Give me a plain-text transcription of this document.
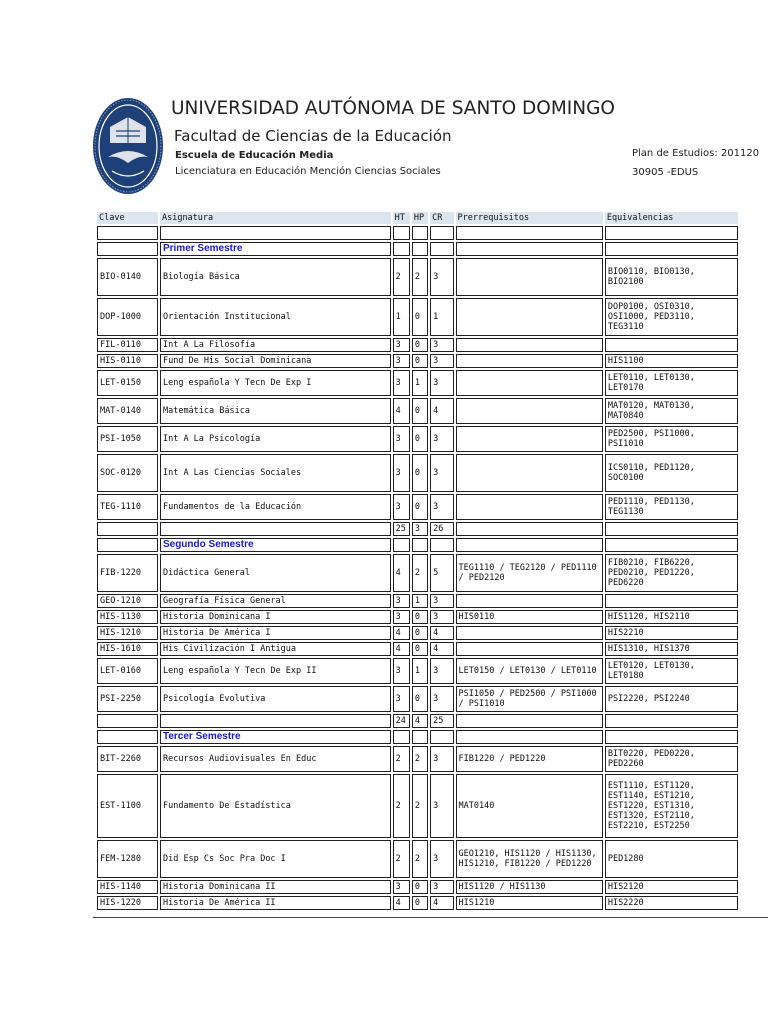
UNIVERSIDAD AUTÓNOMA DE SANTO DOMINGO
Facultad de Ciencias de la Educación
Escuela de Educación Media
Licenciatura en Educación Mención Ciencias Sociales
Plan de Estudios: 201120
30905 -EDUS
Clave	Asignatura	HT	HP	CR	Prerrequisitos	Equivalencias

	Primer Semestre					
BIO-0140	Biología Básica	2	2	3		BIO0110, BIO0130, BIO2100
DOP-1000	Orientación Institucional	1	0	1		DOP0100, OSI0310, OSI1000, PED3110, TEG3110
FIL-0110	Int A La Filosofía	3	0	3		
HIS-0110	Fund De His Social Dominicana	3	0	3		HIS1100
LET-0150	Leng española Y Tecn De Exp I	3	1	3		LET0110, LET0130, LET0170
MAT-0140	Matemática Básica	4	0	4		MAT0120, MAT0130, MAT0840
PSI-1050	Int A La Psicología	3	0	3		PED2500, PSI1000, PSI1010
SOC-0120	Int A Las Ciencias Sociales	3	0	3		ICS0110, PED1120, SOC0100
TEG-1110	Fundamentos de la Educación	3	0	3		PED1110, PED1130, TEG1130
		25	3	26		
	Segundo Semestre					
FIB-1220	Didáctica General	4	2	5	TEG1110 / TEG2120 / PED1110 / PED2120	FIB0210, FIB6220, PED0210, PED1220, PED6220
GEO-1210	Geografía Física General	3	1	3		
HIS-1130	Historia Dominicana I	3	0	3	HIS0110	HIS1120, HIS2110
HIS-1210	Historia De América I	4	0	4		HIS2210
HIS-1610	His Civilización I Antigua	4	0	4		HIS1310, HIS1370
LET-0160	Leng española Y Tecn De Exp II	3	1	3	LET0150 / LET0130 / LET0110	LET0120, LET0130, LET0180
PSI-2250	Psicología Evolutiva	3	0	3	PSI1050 / PED2500 / PSI1000 / PSI1010	PSI2220, PSI2240
		24	4	25		
	Tercer Semestre					
BIT-2260	Recursos Audiovisuales En Educ	2	2	3	FIB1220 / PED1220	BIT0220, PED0220, PED2260
EST-1100	Fundamento De Estadística	2	2	3	MAT0140	EST1110, EST1120, EST1140, EST1210, EST1220, EST1310, EST1320, EST2110, EST2210, EST2250
FEM-1280	Did Esp Cs Soc Pra Doc I	2	2	3	GEO1210, HIS1120 / HIS1130, HIS1210, FIB1220 / PED1220	PED1280
HIS-1140	Historia Dominicana II	3	0	3	HIS1120 / HIS1130	HIS2120
HIS-1220	Historia De América II	4	0	4	HIS1210	HIS2220
